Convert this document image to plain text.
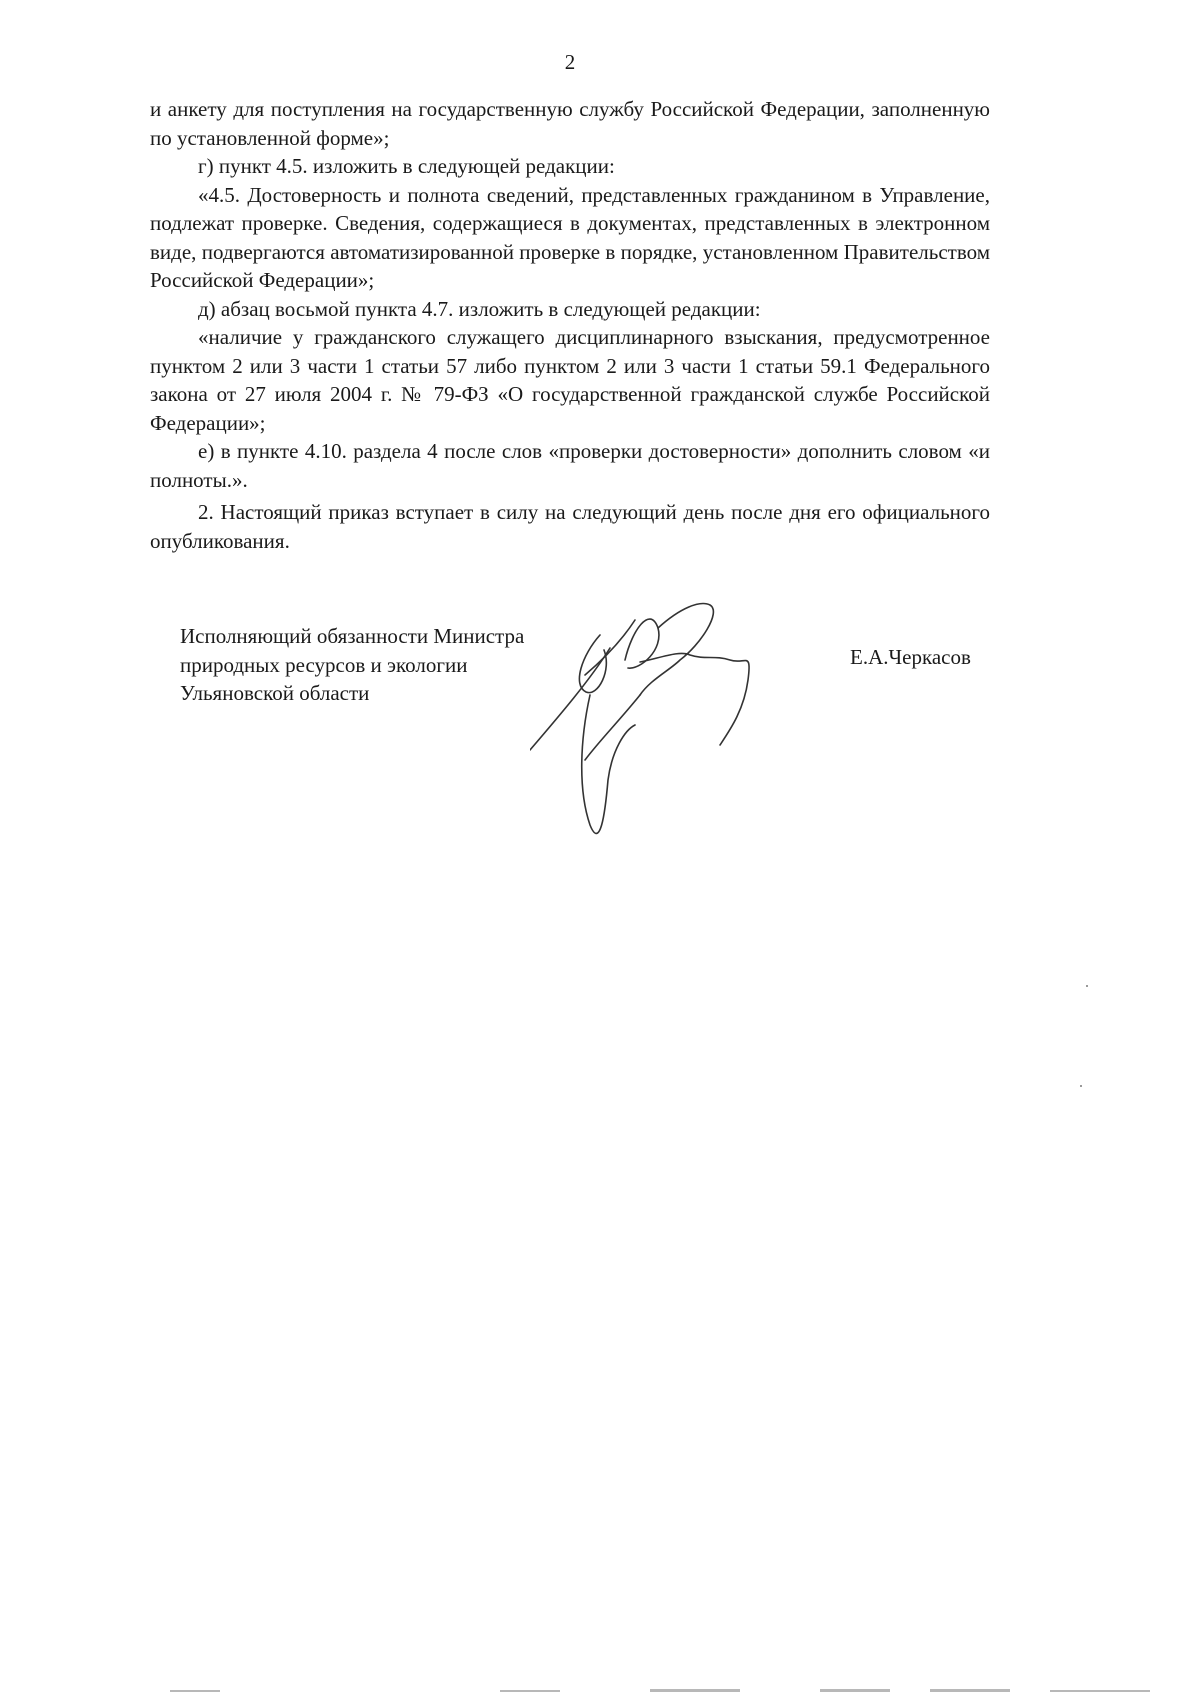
2

и анкету для поступления на государственную службу Российской Федерации, заполненную по установленной форме»;

г) пункт 4.5. изложить в следующей редакции:

«4.5. Достоверность и полнота сведений, представленных гражданином в Управление, подлежат проверке. Сведения, содержащиеся в документах, представленных в электронном виде, подвергаются автоматизированной проверке в порядке, установленном Правительством Российской Федерации»;

д) абзац восьмой пункта 4.7. изложить в следующей редакции:

«наличие у гражданского служащего дисциплинарного взыскания, предусмотренное пунктом 2 или 3 части 1 статьи 57 либо пунктом 2 или 3 части 1 статьи 59.1 Федерального закона от 27 июля 2004 г. № 79-ФЗ «О государственной гражданской службе Российской Федерации»;

е) в пункте 4.10. раздела 4 после слов «проверки достоверности» дополнить словом «и полноты.».

2. Настоящий приказ вступает в силу на следующий день после дня его официального опубликования.

Исполняющий обязанности Министра
природных ресурсов и экологии
Ульяновской области
Е.А.Черкасов
